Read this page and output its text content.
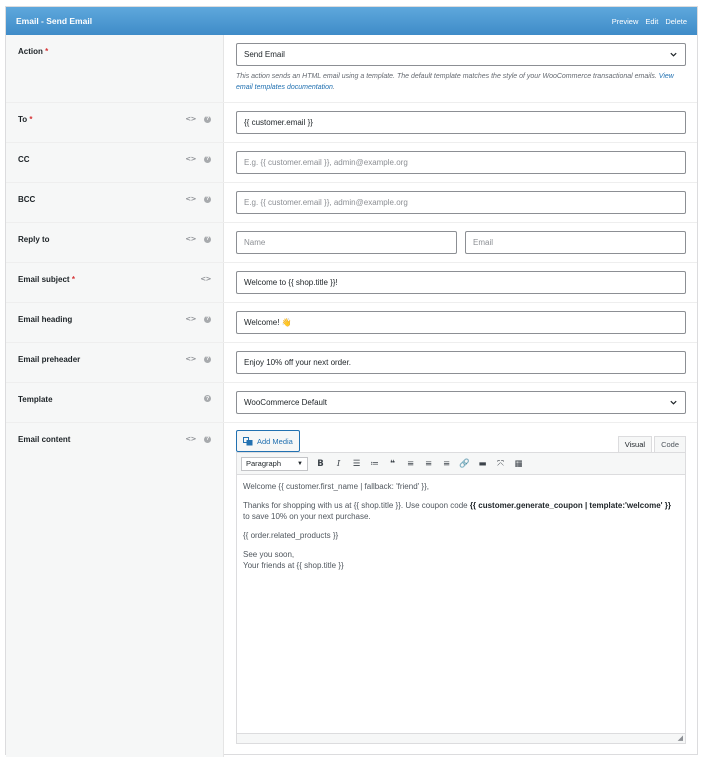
Email - Send Email	Preview Edit Delete
Action *	Send Email
This action sends an HTML email using a template. The default template matches the style of your WooCommerce transactional emails. View email templates documentation.
To *	<>	?	{{ customer.email }}
CC	<>	?	E.g. {{ customer.email }}, admin@example.org
BCC	<>	?	E.g. {{ customer.email }}, admin@example.org
Reply to	<>	?	Name	Email
Email subject *	<>	Welcome to {{ shop.title }}!
Email heading	<>	?	Welcome! 👋
Email preheader	<>	?	Enjoy 10% off your next order.
Template	?	WooCommerce Default
Email content	<>	?	Add Media	Visual	Code
Paragraph	▼ B	I	☰ ≔	❝	≡ ≡ ≡ 🔗 ▬ ⤧ ▦

Welcome {{ customer.first_name | fallback: 'friend' }},

Thanks for shopping with us at {{ shop.title }}. Use coupon code {{ customer.generate_coupon | template:'welcome' }} to save 10% on your next purchase.

{{ order.related_products }}

See you soon,
Your friends at {{ shop.title }}

◢
